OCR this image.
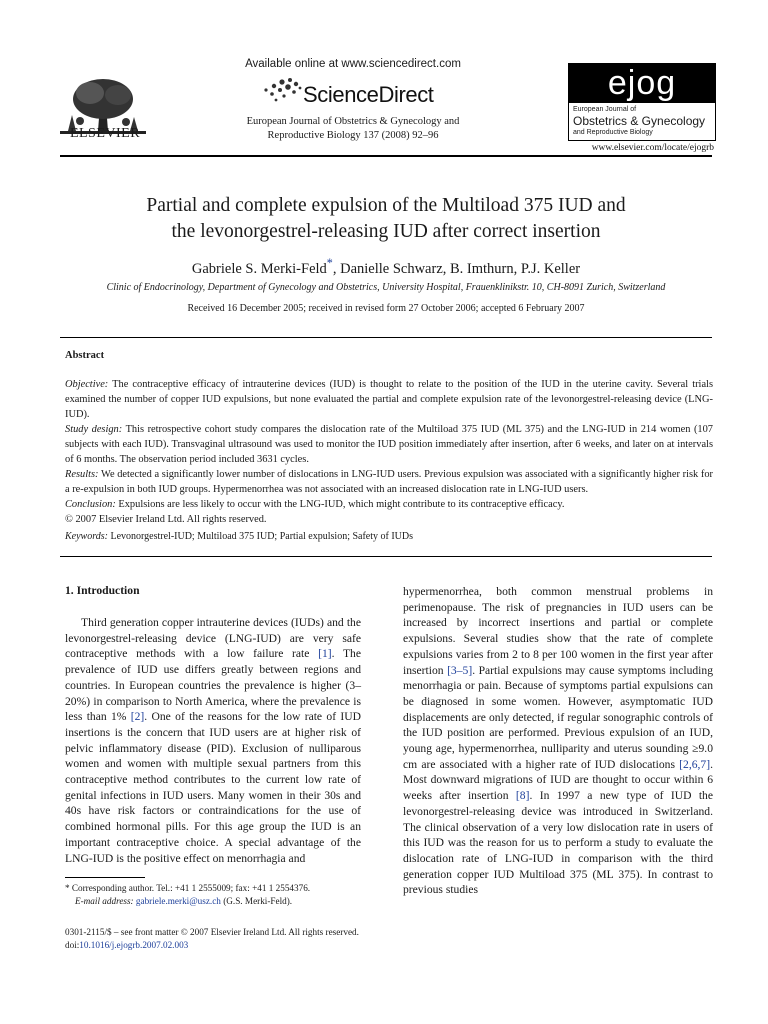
ELSEVIER
Available online at www.sciencedirect.com
ScienceDirect
European Journal of Obstetrics & Gynecology and
Reproductive Biology 137 (2008) 92–96
ejog
European Journal of
Obstetrics & Gynecology
and Reproductive Biology
www.elsevier.com/locate/ejogrb
Partial and complete expulsion of the Multiload 375 IUD and
the levonorgestrel-releasing IUD after correct insertion
Gabriele S. Merki-Feld*, Danielle Schwarz, B. Imthurn, P.J. Keller
Clinic of Endocrinology, Department of Gynecology and Obstetrics, University Hospital, Frauenklinikstr. 10, CH-8091 Zurich, Switzerland
Received 16 December 2005; received in revised form 27 October 2006; accepted 6 February 2007
Abstract

Objective: The contraceptive efficacy of intrauterine devices (IUD) is thought to relate to the position of the IUD in the uterine cavity. Several trials examined the number of copper IUD expulsions, but none evaluated the partial and complete expulsion rate of the levonorgestrel-releasing device (LNG-IUD).

Study design: This retrospective cohort study compares the dislocation rate of the Multiload 375 IUD (ML 375) and the LNG-IUD in 214 women (107 subjects with each IUD). Transvaginal ultrasound was used to monitor the IUD position immediately after insertion, after 6 weeks, and later on at intervals of 6 months. The observation period included 3631 cycles.

Results: We detected a significantly lower number of dislocations in LNG-IUD users. Previous expulsion was associated with a significantly higher risk for a re-expulsion in both IUD groups. Hypermenorrhea was not associated with an increased dislocation rate in LNG-IUD users.

Conclusion: Expulsions are less likely to occur with the LNG-IUD, which might contribute to its contraceptive efficacy.

© 2007 Elsevier Ireland Ltd. All rights reserved.

Keywords: Levonorgestrel-IUD; Multiload 375 IUD; Partial expulsion; Safety of IUDs
1. Introduction

Third generation copper intrauterine devices (IUDs) and the levonorgestrel-releasing device (LNG-IUD) are very safe contraceptive methods with a low failure rate [1]. The prevalence of IUD use differs greatly between regions and countries. In European countries the prevalence is higher (3–20%) in comparison to North America, where the prevalence is less than 1% [2]. One of the reasons for the low rate of IUD insertions is the concern that IUD users are at higher risk of pelvic inflammatory disease (PID). Exclusion of nulliparous women and women with multiple sexual partners from this contraceptive method contributes to the current low rate of genital infections in IUD users. Many women in their 30s and 40s have risk factors or contraindications for the use of combined hormonal pills. For this age group the IUD is an important contraceptive choice. A special advantage of the LNG-IUD is the positive effect on menorrhagia and

hypermenorrhea, both common menstrual problems in perimenopause. The risk of pregnancies in IUD users can be increased by incorrect insertions and partial or complete expulsions. Several studies show that the rate of complete expulsions varies from 2 to 8 per 100 women in the first year after insertion [3–5]. Partial expulsions may cause symptoms including menorrhagia or pain. Because of symptoms partial expulsions can be diagnosed in some women. However, asymptomatic IUD displacements are only detected, if regular sonographic controls of the IUD position are performed. Previous expulsion of an IUD, young age, hypermenorrhea, nulliparity and uterus sounding ≥9.0 cm are associated with a higher rate of IUD dislocations [2,6,7]. Most downward migrations of IUD are thought to occur within 6 weeks after insertion [8]. In 1997 a new type of IUD the levonorgestrel-releasing device was introduced in Switzerland. The clinical observation of a very low dislocation rate in users of this IUD was the reason for us to perform a study to evaluate the dislocation rate of LNG-IUD in comparison with the third generation copper IUD Multiload 375 (ML 375). In contrast to previous studies

* Corresponding author. Tel.: +41 1 2555009; fax: +41 1 2554376.
E-mail address: gabriele.merki@usz.ch (G.S. Merki-Feld).
0301-2115/$ – see front matter © 2007 Elsevier Ireland Ltd. All rights reserved.
doi:10.1016/j.ejogrb.2007.02.003
